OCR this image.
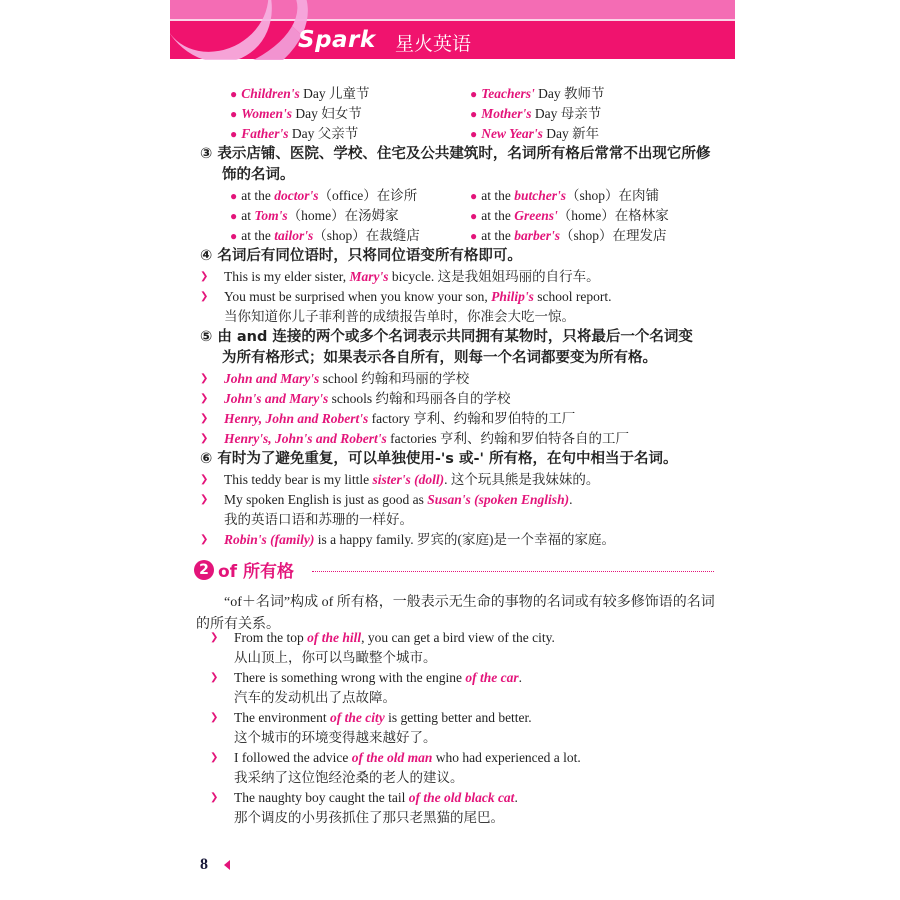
Spark 星火英语
● Children's Day 儿童节	● Teachers' Day 教师节
● Women's Day 妇女节	● Mother's Day 母亲节
● Father's Day 父亲节	● New Year's Day 新年
③ 表示店铺、医院、学校、住宅及公共建筑时，名词所有格后常常不出现它所修
饰的名词。
● at the doctor's（office）在诊所	● at the butcher's（shop）在肉铺
● at Tom's（home）在汤姆家	● at the Greens'（home）在格林家
● at the tailor's（shop）在裁缝店	● at the barber's（shop）在理发店
④ 名词后有同位语时，只将同位语变所有格即可。
❯	This is my elder sister, Mary's bicycle. 这是我姐姐玛丽的自行车。
❯	You must be surprised when you know your son, Philip's school report.
当你知道你儿子菲利普的成绩报告单时，你准会大吃一惊。
⑤ 由 and 连接的两个或多个名词表示共同拥有某物时，只将最后一个名词变
为所有格形式；如果表示各自所有，则每一个名词都要变为所有格。
❯	John and Mary's school 约翰和玛丽的学校
❯	John's and Mary's schools 约翰和玛丽各自的学校
❯	Henry, John and Robert's factory 亨利、约翰和罗伯特的工厂
❯	Henry's, John's and Robert's factories 亨利、约翰和罗伯特各自的工厂
⑥ 有时为了避免重复，可以单独使用-'s 或-' 所有格，在句中相当于名词。
❯	This teddy bear is my little sister's (doll). 这个玩具熊是我妹妹的。
❯	My spoken English is just as good as Susan's (spoken English).
我的英语口语和苏珊的一样好。
❯	Robin's (family) is a happy family. 罗宾的(家庭)是一个幸福的家庭。
2 of 所有格
“of＋名词”构成 of 所有格，一般表示无生命的事物的名词或有较多修饰语的名词的所有关系。
❯	From the top of the hill, you can get a bird view of the city.
从山顶上，你可以鸟瞰整个城市。
❯	There is something wrong with the engine of the car.
汽车的发动机出了点故障。
❯	The environment of the city is getting better and better.
这个城市的环境变得越来越好了。
❯	I followed the advice of the old man who had experienced a lot.
我采纳了这位饱经沧桑的老人的建议。
❯	The naughty boy caught the tail of the old black cat.
那个调皮的小男孩抓住了那只老黑猫的尾巴。
8
